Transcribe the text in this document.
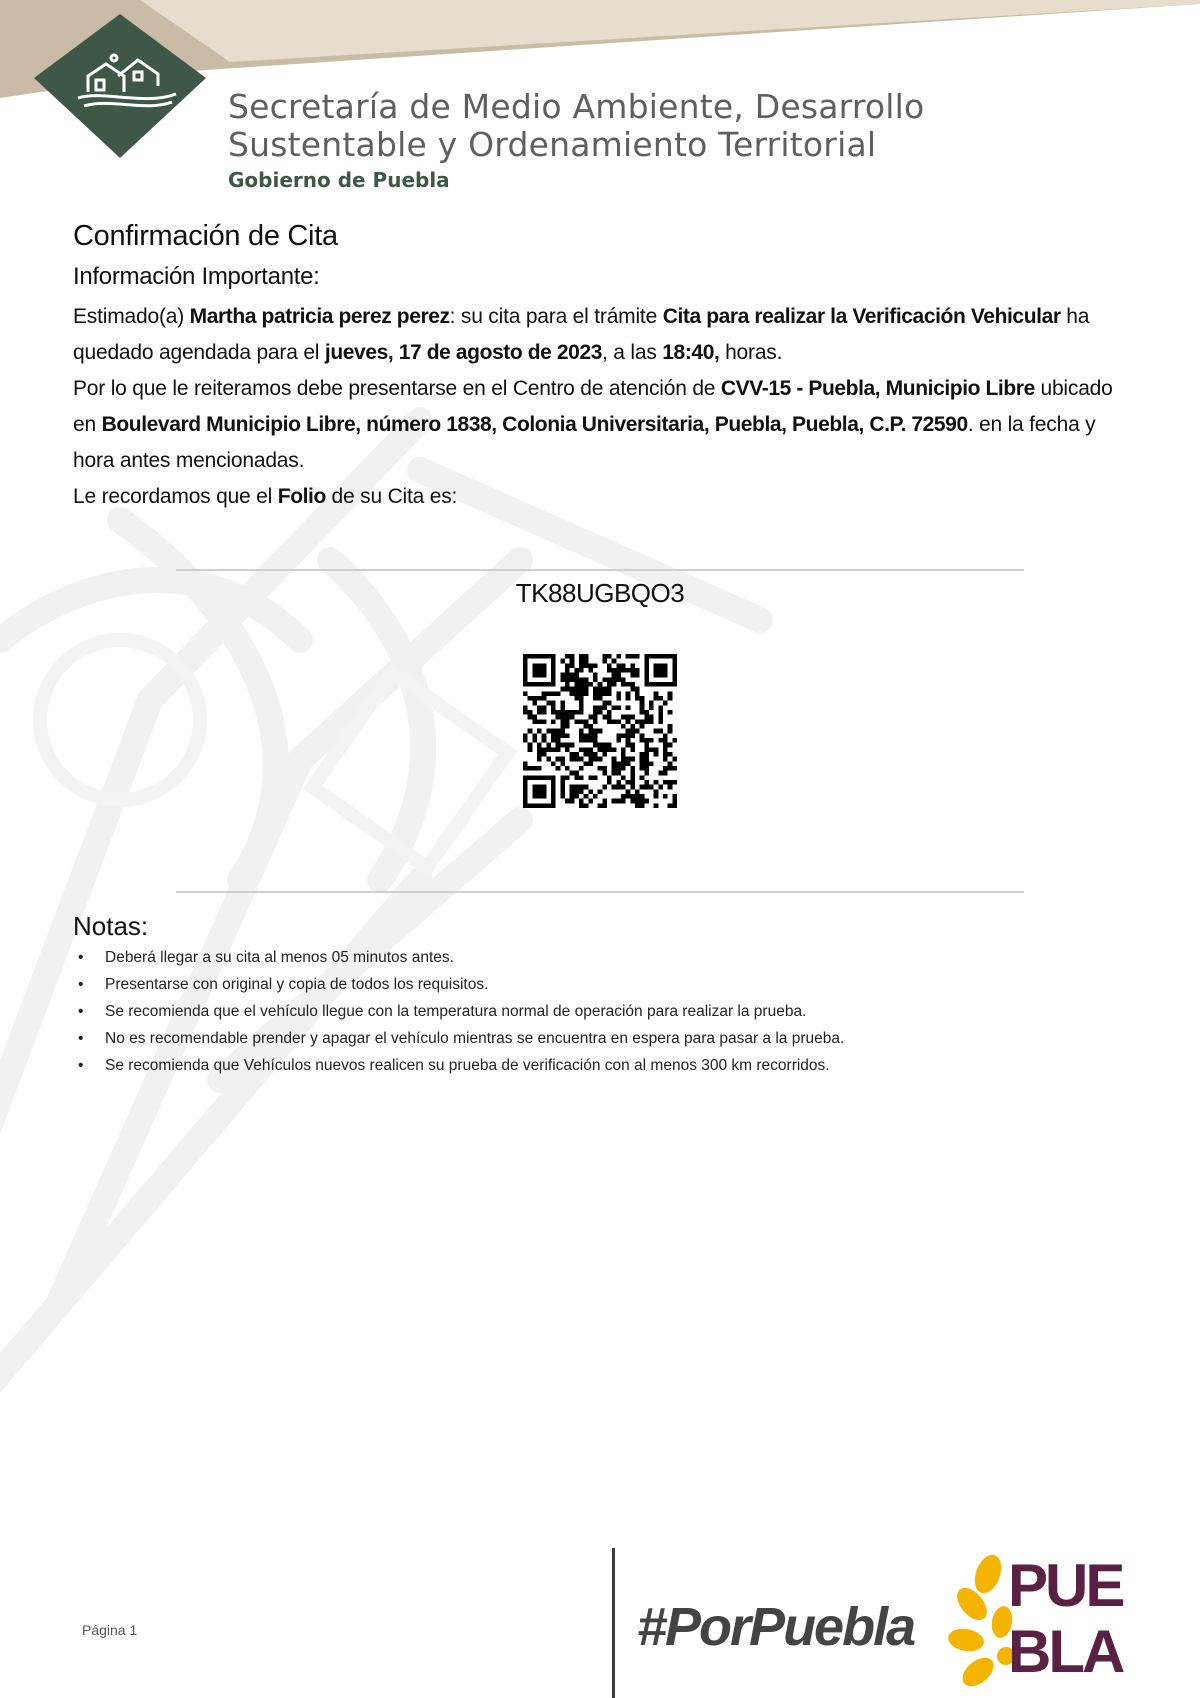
Secretaría de Medio Ambiente, Desarrollo
Sustentable y Ordenamiento Territorial
Gobierno de Puebla
Confirmación de Cita
Información Importante:
Estimado(a) Martha patricia perez perez: su cita para el trámite Cita para realizar la Verificación Vehicular ha quedado agendada para el jueves, 17 de agosto de 2023, a las 18:40, horas.
Por lo que le reiteramos debe presentarse en el Centro de atención de CVV-15 - Puebla, Municipio Libre ubicado en Boulevard Municipio Libre, número 1838, Colonia Universitaria, Puebla, Puebla, C.P. 72590. en la fecha y hora antes mencionadas.
Le recordamos que el Folio de su Cita es:
TK88UGBQO3
Notas:
• Deberá llegar a su cita al menos 05 minutos antes.
• Presentarse con original y copia de todos los requisitos.
• Se recomienda que el vehículo llegue con la temperatura normal de operación para realizar la prueba.
• No es recomendable prender y apagar el vehículo mientras se encuentra en espera para pasar a la prueba.
• Se recomienda que Vehículos nuevos realicen su prueba de verificación con al menos 300 km recorridos.
Página 1	#PorPuebla
PUE
BLA
